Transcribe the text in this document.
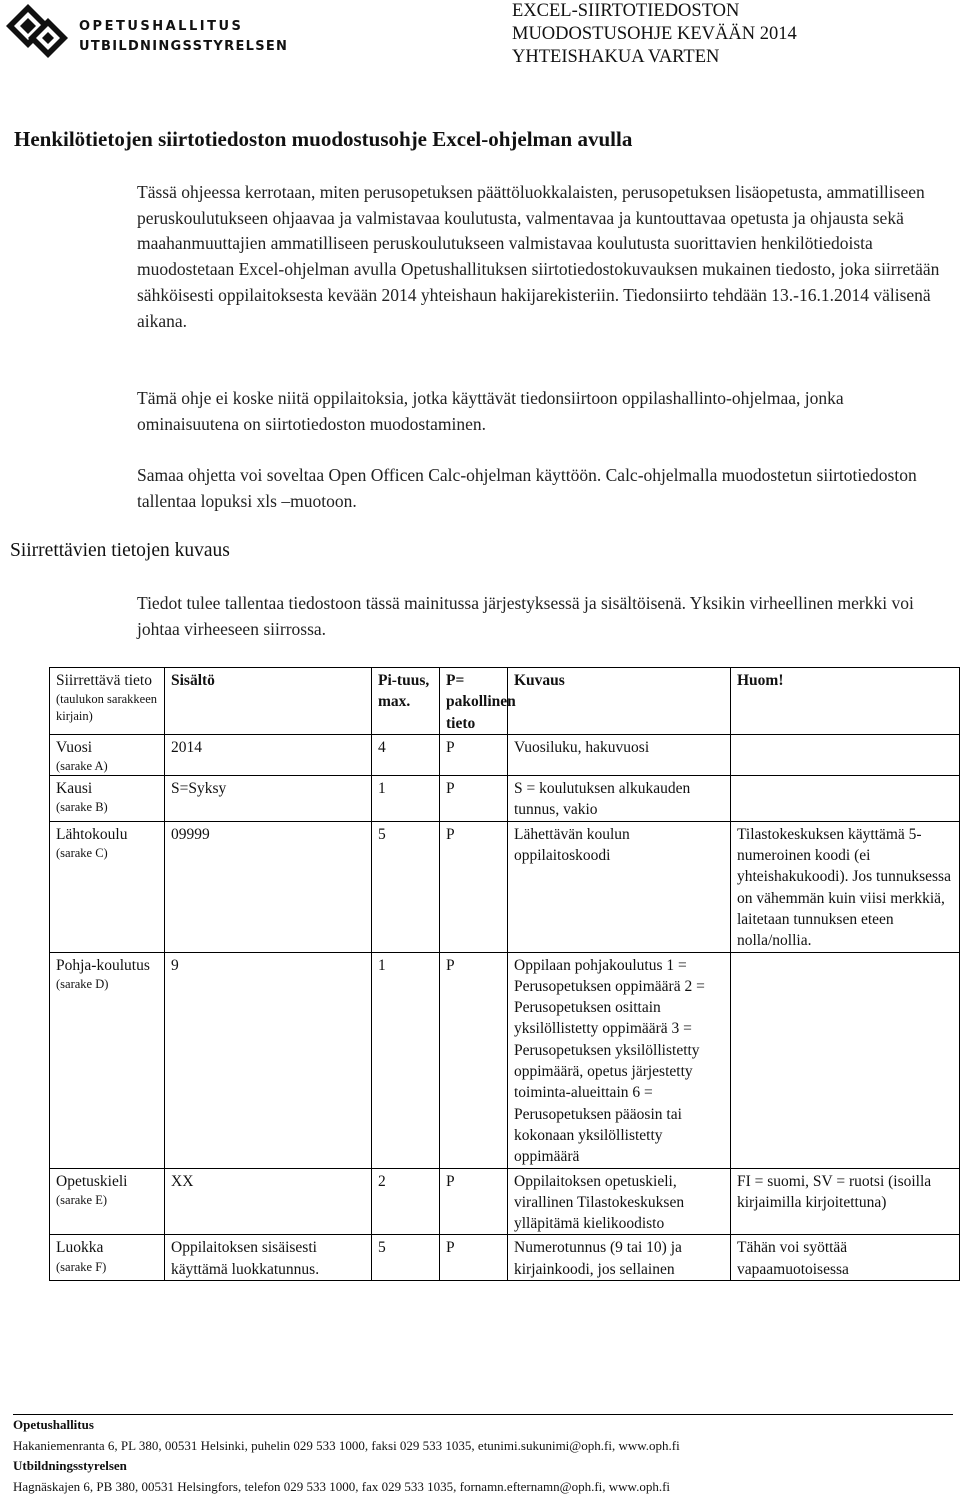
OPETUSHALLITUS
UTBILDNINGSSTYRELSEN
EXCEL-SIIRTOTIEDOSTON
MUODOSTUSOHJE KEVÄÄN 2014
YHTEISHAKUA VARTEN
Henkilötietojen siirtotiedoston muodostusohje Excel-ohjelman avulla
Tässä ohjeessa kerrotaan, miten perusopetuksen päättöluokkalaisten, perusopetuksen lisäopetusta, ammatilliseen peruskoulutukseen ohjaavaa ja valmistavaa koulutusta, valmentavaa ja kuntouttavaa opetusta ja ohjausta sekä maahanmuuttajien ammatilliseen peruskoulutukseen valmistavaa koulutusta suorittavien henkilötiedoista muodostetaan Excel-ohjelman avulla Opetushallituksen siirtotiedostokuvauksen mukainen tiedosto, joka siirretään sähköisesti oppilaitoksesta kevään 2014 yhteishaun hakijarekisteriin. Tiedonsiirto tehdään 13.-16.1.2014 välisenä aikana.
Tämä ohje ei koske niitä oppilaitoksia, jotka käyttävät tiedonsiirtoon oppilashallinto-ohjelmaa, jonka ominaisuutena on siirtotiedoston muodostaminen.
Samaa ohjetta voi soveltaa Open Officen Calc-ohjelman käyttöön. Calc-ohjelmalla muodostetun siirtotiedoston tallentaa lopuksi xls –muotoon.
Siirrettävien tietojen kuvaus
Tiedot tulee tallentaa tiedostoon tässä mainitussa järjestyksessä ja sisältöisenä. Yksikin virheellinen merkki voi johtaa virheeseen siirrossa.
Siirrettävä tieto
(taulukon sarakkeen kirjain)	Sisältö	Pi-tuus, max.	P= pakollinen tieto	Kuvaus	Huom!

Vuosi
(sarake A)	2014	4	P	Vuosiluku, hakuvuosi	

Kausi
(sarake B)	S=Syksy	1	P	S = koulutuksen alkukauden tunnus, vakio	

Lähtokoulu
(sarake C)	09999	5	P	Lähettävän koulun oppilaitoskoodi	Tilastokeskuksen käyttämä 5-numeroinen koodi (ei yhteishakukoodi). Jos tunnuksessa on vähemmän kuin viisi merkkiä, laitetaan tunnuksen eteen nolla/nollia.

Pohja-koulutus
(sarake D)	9	1	P	Oppilaan pohjakoulutus 1 = Perusopetuksen oppimäärä 2 = Perusopetuksen osittain yksilöllistetty oppimäärä 3 = Perusopetuksen yksilöllistetty oppimäärä, opetus järjestetty toiminta-alueittain 6 = Perusopetuksen pääosin tai kokonaan yksilöllistetty oppimäärä	

Opetuskieli
(sarake E)	XX	2	P	Oppilaitoksen opetuskieli, virallinen Tilastokeskuksen ylläpitämä kielikoodisto	FI = suomi, SV = ruotsi (isoilla kirjaimilla kirjoitettuna)

Luokka
(sarake F)	Oppilaitoksen sisäisesti käyttämä luokkatunnus.	5	P	Numerotunnus (9 tai 10) ja kirjainkoodi, jos sellainen	Tähän voi syöttää vapaamuotoisessa
Opetushallitus
Hakaniemenranta 6, PL 380, 00531 Helsinki, puhelin 029 533 1000, faksi 029 533 1035, etunimi.sukunimi@oph.fi, www.oph.fi
Utbildningsstyrelsen
Hagnäskajen 6, PB 380, 00531 Helsingfors, telefon 029 533 1000, fax 029 533 1035, fornamn.efternamn@oph.fi, www.oph.fi
